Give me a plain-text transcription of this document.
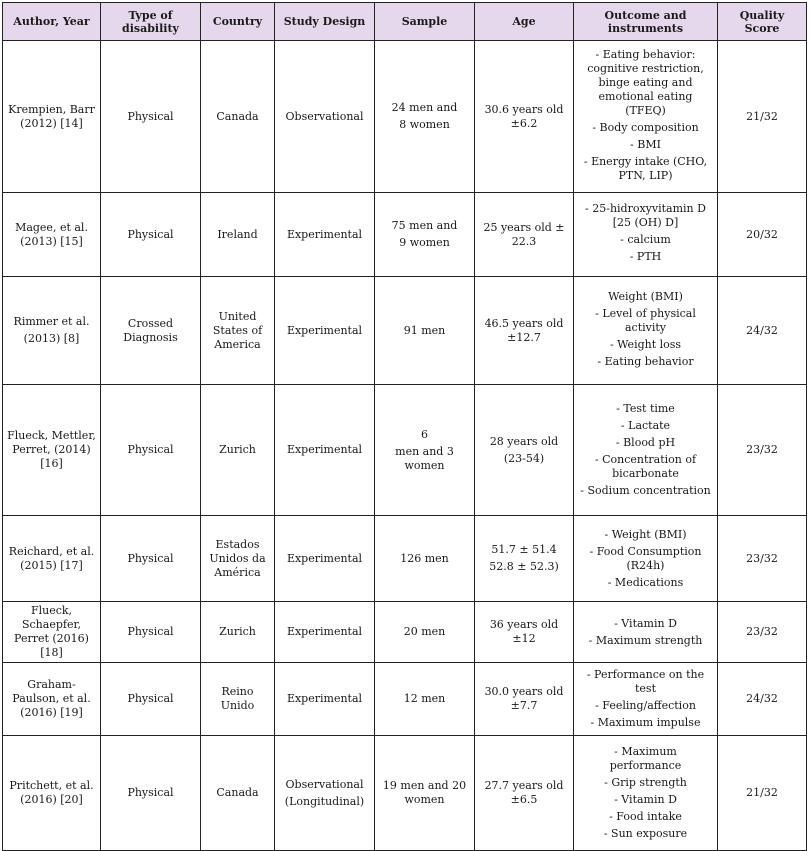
Author, Year	Type of disability	Country	Study Design	Sample	Age	Outcome and instruments	Quality Score
Krempien, Barr (2012) [14]	Physical	Canada	Observational	24 men and
8 women	30.6 years old ±6.2	- Eating behavior: cognitive restriction, binge eating and emotional eating (TFEQ)
- Body composition
- BMI
- Energy intake (CHO, PTN, LIP)	21/32
Magee, et al. (2013) [15]	Physical	Ireland	Experimental	75 men and
9 women	25 years old ± 22.3	- 25-hidroxyvitamin D [25 (OH) D]
- calcium
- PTH	20/32

Rimmer et al.
(2013) [8]	Crossed Diagnosis	United States of America	Experimental	91 men	46.5 years old ±12.7	Weight (BMI)
- Level of physical activity
- Weight loss
- Eating behavior	24/32
Flueck, Mettler, Perret, (2014) [16]	Physical	Zurich	Experimental	6
men and 3 women	28 years old
(23-54)	- Test time
- Lactate
- Blood pH
- Concentration of bicarbonate
- Sodium concentration	23/32
Reichard, et al. (2015) [17]	Physical	Estados Unidos da América	Experimental	126 men	51.7 ± 51.4
52.8 ± 52.3)	- Weight (BMI)
- Food Consumption (R24h)
- Medications	23/32
Flueck, Schaepfer, Perret (2016) [18]	Physical	Zurich	Experimental	20 men	36 years old ±12	- Vitamin D
- Maximum strength	23/32
Graham-Paulson, et al. (2016) [19]	Physical	Reino Unido	Experimental	12 men	30.0 years old ±7.7	- Performance on the test
- Feeling/affection
- Maximum impulse	24/32
Pritchett, et al. (2016) [20]	Physical	Canada	Observational
(Longitudinal)	19 men and 20 women	27.7 years old ±6.5	- Maximum performance
- Grip strength
- Vitamin D
- Food intake
- Sun exposure	21/32
